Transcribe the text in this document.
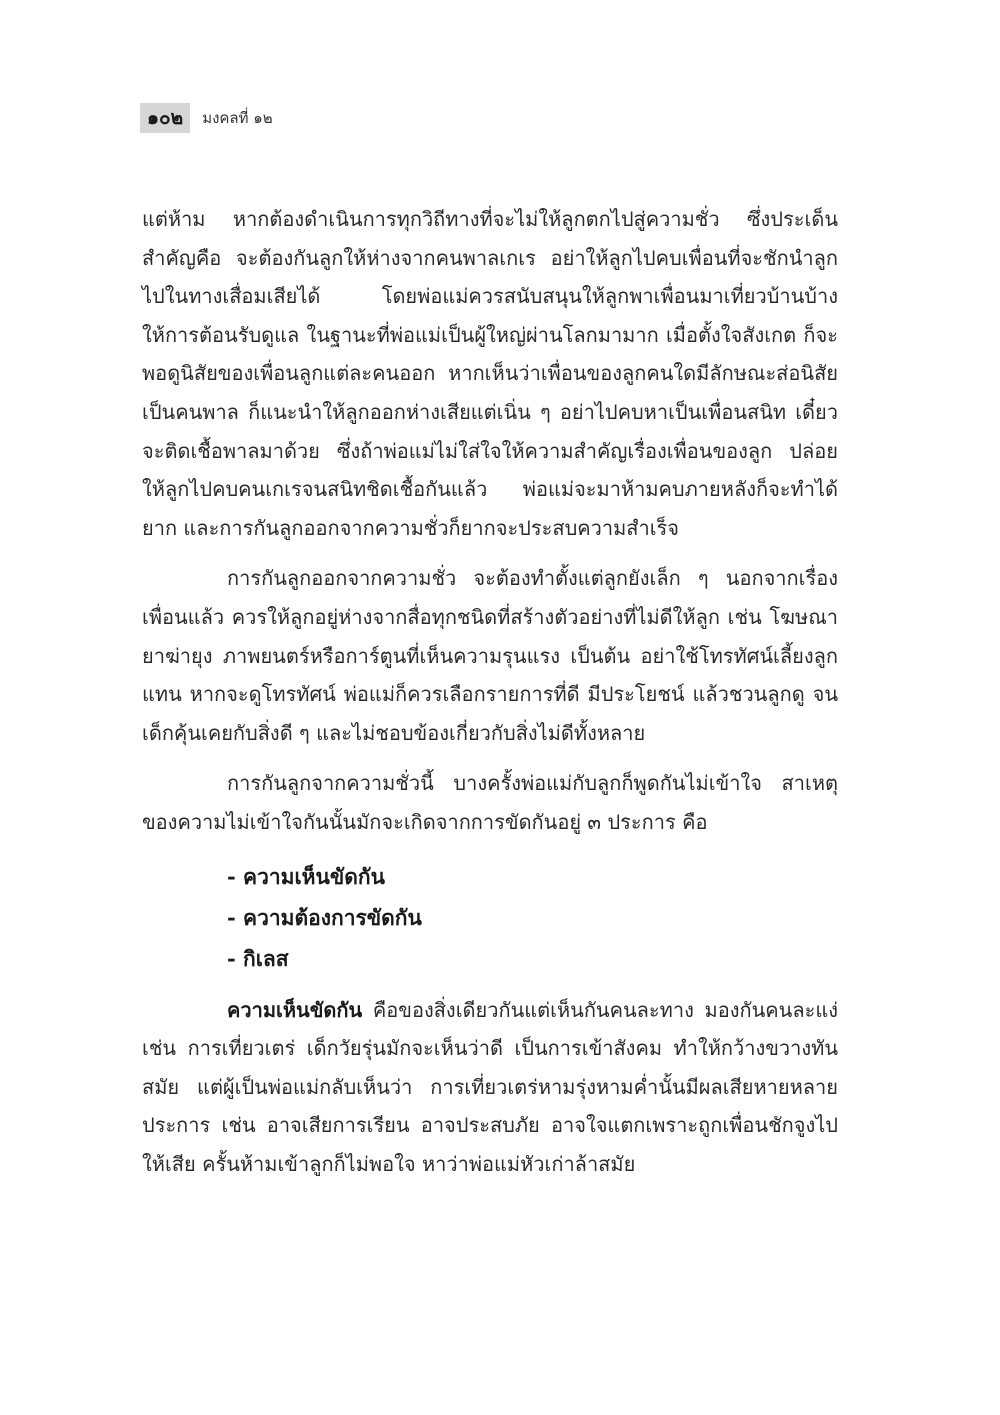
๑๐๒	มงคลที่ ๑๒

แต่ห้าม หากต้องดำเนินการทุกวิถีทางที่จะไม่ให้ลูกตกไปสู่ความชั่ว ซึ่งประเด็นสำคัญคือ จะต้องกันลูกให้ห่างจากคนพาลเกเร อย่าให้ลูกไปคบเพื่อนที่จะชักนำลูกไปในทางเสื่อมเสียได้ โดยพ่อแม่ควรสนับสนุนให้ลูกพาเพื่อนมาเที่ยวบ้านบ้าง ให้การต้อนรับดูแล ในฐานะที่พ่อแม่เป็นผู้ใหญ่ผ่านโลกมามาก เมื่อตั้งใจสังเกต ก็จะพอดูนิสัยของเพื่อนลูกแต่ละคนออก หากเห็นว่าเพื่อนของลูกคนใดมีลักษณะส่อนิสัยเป็นคนพาล ก็แนะนำให้ลูกออกห่างเสียแต่เนิ่น ๆ อย่าไปคบหาเป็นเพื่อนสนิท เดี๋ยวจะติดเชื้อพาลมาด้วย ซึ่งถ้าพ่อแม่ไม่ใส่ใจให้ความสำคัญเรื่องเพื่อนของลูก ปล่อยให้ลูกไปคบคนเกเรจนสนิทชิดเชื้อกันแล้ว พ่อแม่จะมาห้ามคบภายหลังก็จะทำได้ยาก และการกันลูกออกจากความชั่วก็ยากจะประสบความสำเร็จ

การกันลูกออกจากความชั่ว จะต้องทำตั้งแต่ลูกยังเล็ก ๆ นอกจากเรื่องเพื่อนแล้ว ควรให้ลูกอยู่ห่างจากสื่อทุกชนิดที่สร้างตัวอย่างที่ไม่ดีให้ลูก เช่น โฆษณายาฆ่ายุง ภาพยนตร์หรือการ์ตูนที่เห็นความรุนแรง เป็นต้น อย่าใช้โทรทัศน์เลี้ยงลูกแทน หากจะดูโทรทัศน์ พ่อแม่ก็ควรเลือกรายการที่ดี มีประโยชน์ แล้วชวนลูกดู จนเด็กคุ้นเคยกับสิ่งดี ๆ และไม่ชอบข้องเกี่ยวกับสิ่งไม่ดีทั้งหลาย

การกันลูกจากความชั่วนี้ บางครั้งพ่อแม่กับลูกก็พูดกันไม่เข้าใจ สาเหตุของความไม่เข้าใจกันนั้นมักจะเกิดจากการขัดกันอยู่ ๓ ประการ คือ

- ความเห็นขัดกัน
- ความต้องการขัดกัน
- กิเลส

ความเห็นขัดกัน คือของสิ่งเดียวกันแต่เห็นกันคนละทาง มองกันคนละแง่ เช่น การเที่ยวเตร่ เด็กวัยรุ่นมักจะเห็นว่าดี เป็นการเข้าสังคม ทำให้กว้างขวางทันสมัย แต่ผู้เป็นพ่อแม่กลับเห็นว่า การเที่ยวเตร่หามรุ่งหามค่ำนั้นมีผลเสียหายหลายประการ เช่น อาจเสียการเรียน อาจประสบภัย อาจใจแตกเพราะถูกเพื่อนชักจูงไปให้เสีย ครั้นห้ามเข้าลูกก็ไม่พอใจ หาว่าพ่อแม่หัวเก่าล้าสมัย
